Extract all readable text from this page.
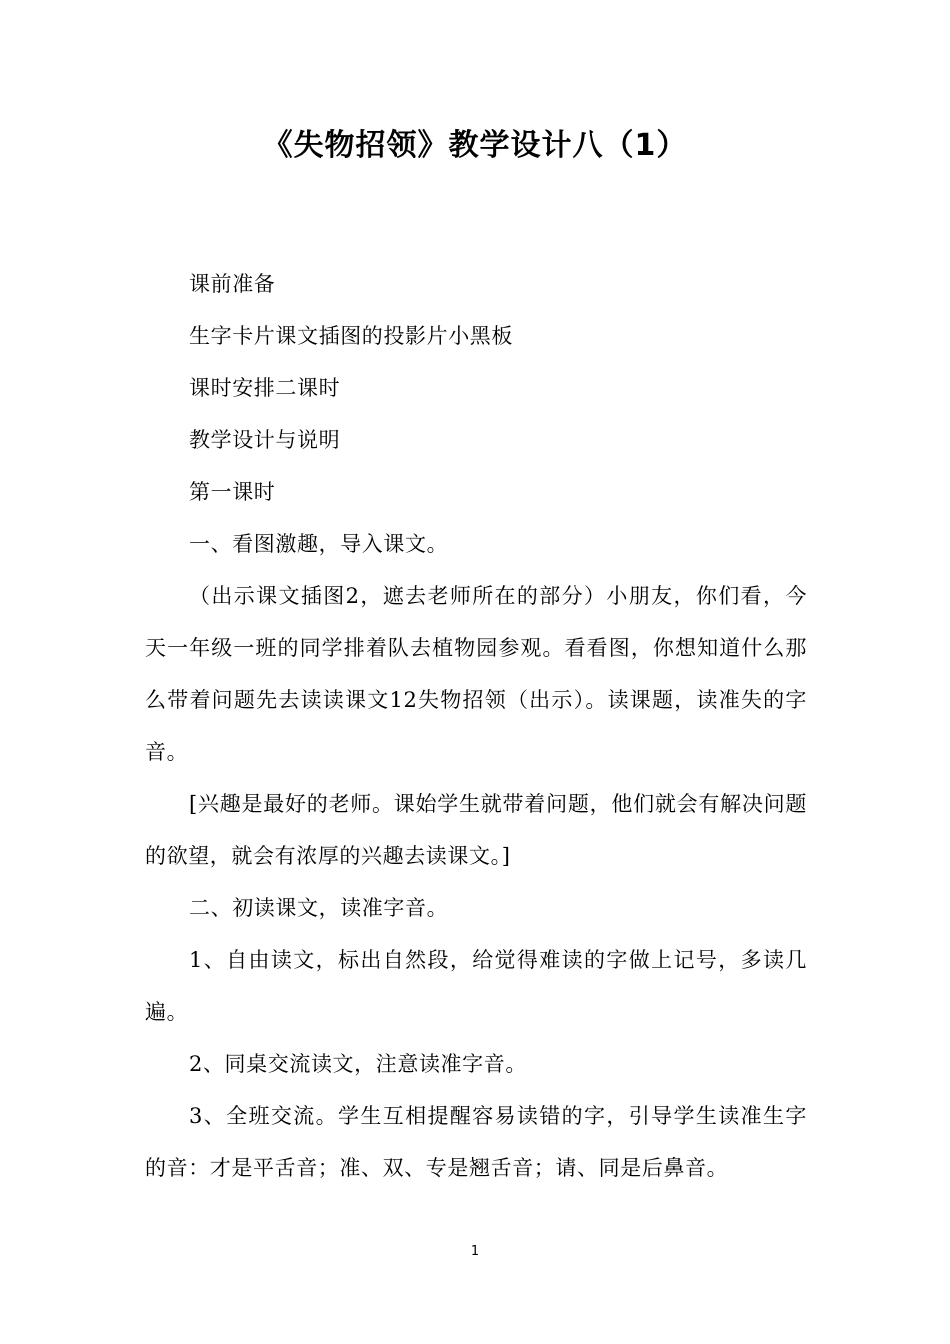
《失物招领》教学设计八（1）

课前准备

生字卡片课文插图的投影片小黑板

课时安排二课时

教学设计与说明

第一课时

一、看图激趣，导入课文。

（出示课文插图2，遮去老师所在的部分）小朋友，你们看，今天一年级一班的同学排着队去植物园参观。看看图，你想知道什么那么带着问题先去读读课文12失物招领（出示）。读课题，读准失的字音。

[兴趣是最好的老师。课始学生就带着问题，他们就会有解决问题的欲望，就会有浓厚的兴趣去读课文。]

二、初读课文，读准字音。

1、自由读文，标出自然段，给觉得难读的字做上记号，多读几遍。

2、同桌交流读文，注意读准字音。

3、全班交流。学生互相提醒容易读错的字，引导学生读准生字的音：才是平舌音；准、双、专是翘舌音；请、同是后鼻音。

1
